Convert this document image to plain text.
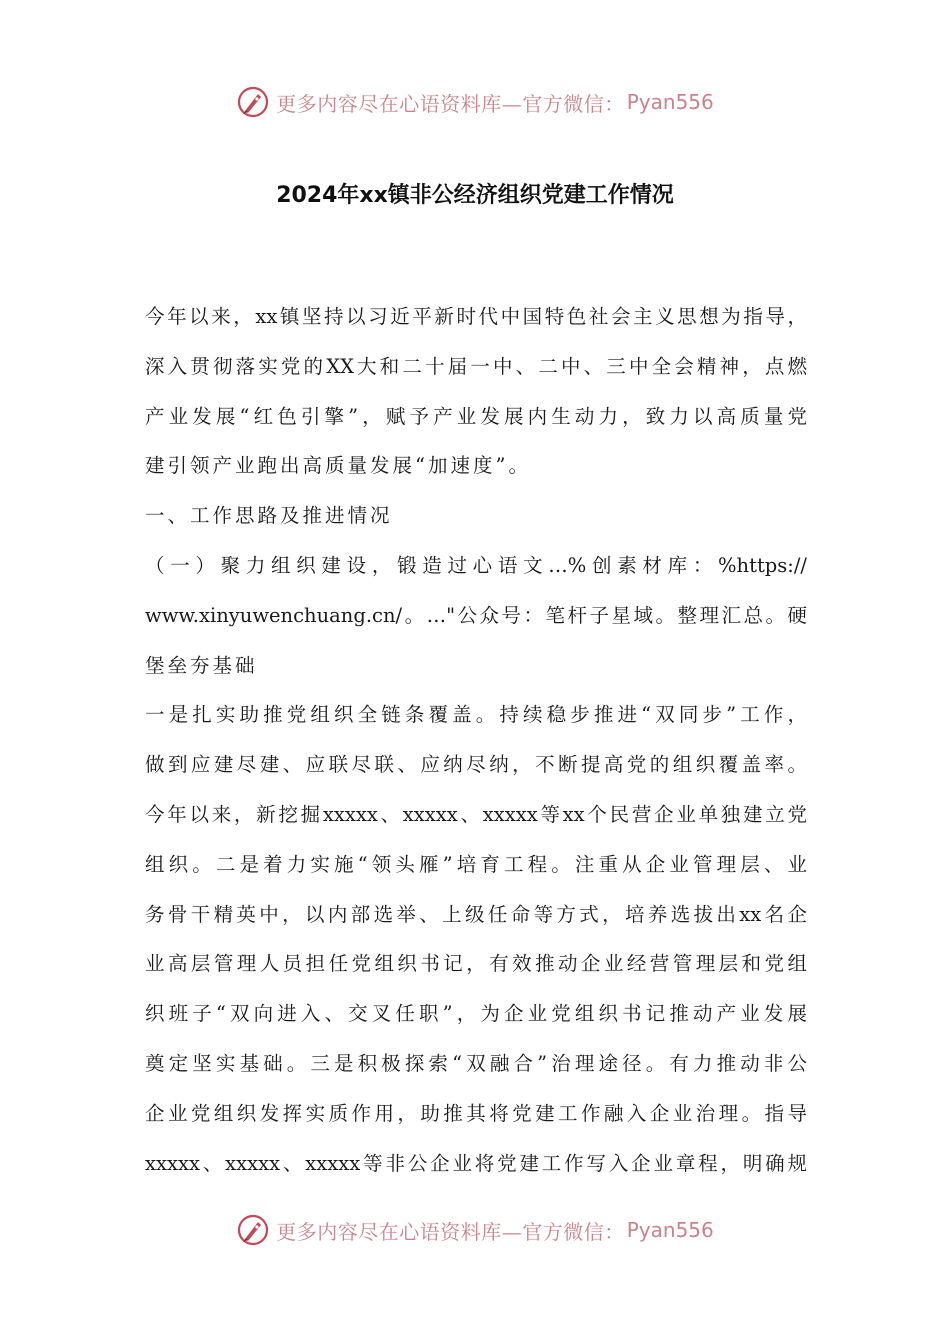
更多内容尽在心语资料库—官方微信： Pyan556
2024年xx镇非公经济组织党建工作情况
今年以来，xx镇坚持以习近平新时代中国特色社会主义思想为指导，
深入贯彻落实党的XX大和二十届一中、二中、三中全会精神，点燃
产业发展“红色引擎”，赋予产业发展内生动力，致力以高质量党
建引领产业跑出高质量发展“加速度”。
一、工作思路及推进情况
（一）聚力组织建设，锻造过心语文…%创素材库：%https://
www.xinyuwenchuang.cn/。…"公众号：笔杆子星域。整理汇总。硬
堡垒夯基础
一是扎实助推党组织全链条覆盖。持续稳步推进“双同步”工作，
做到应建尽建、应联尽联、应纳尽纳，不断提高党的组织覆盖率。
今年以来，新挖掘xxxxx、xxxxx、xxxxx等xx个民营企业单独建立党
组织。二是着力实施“领头雁”培育工程。注重从企业管理层、业
务骨干精英中，以内部选举、上级任命等方式，培养选拔出xx名企
业高层管理人员担任党组织书记，有效推动企业经营管理层和党组
织班子“双向进入、交叉任职”，为企业党组织书记推动产业发展
奠定坚实基础。三是积极探索“双融合”治理途径。有力推动非公
企业党组织发挥实质作用，助推其将党建工作融入企业治理。指导
xxxxx、xxxxx、xxxxx等非公企业将党建工作写入企业章程，明确规
更多内容尽在心语资料库—官方微信： Pyan556
